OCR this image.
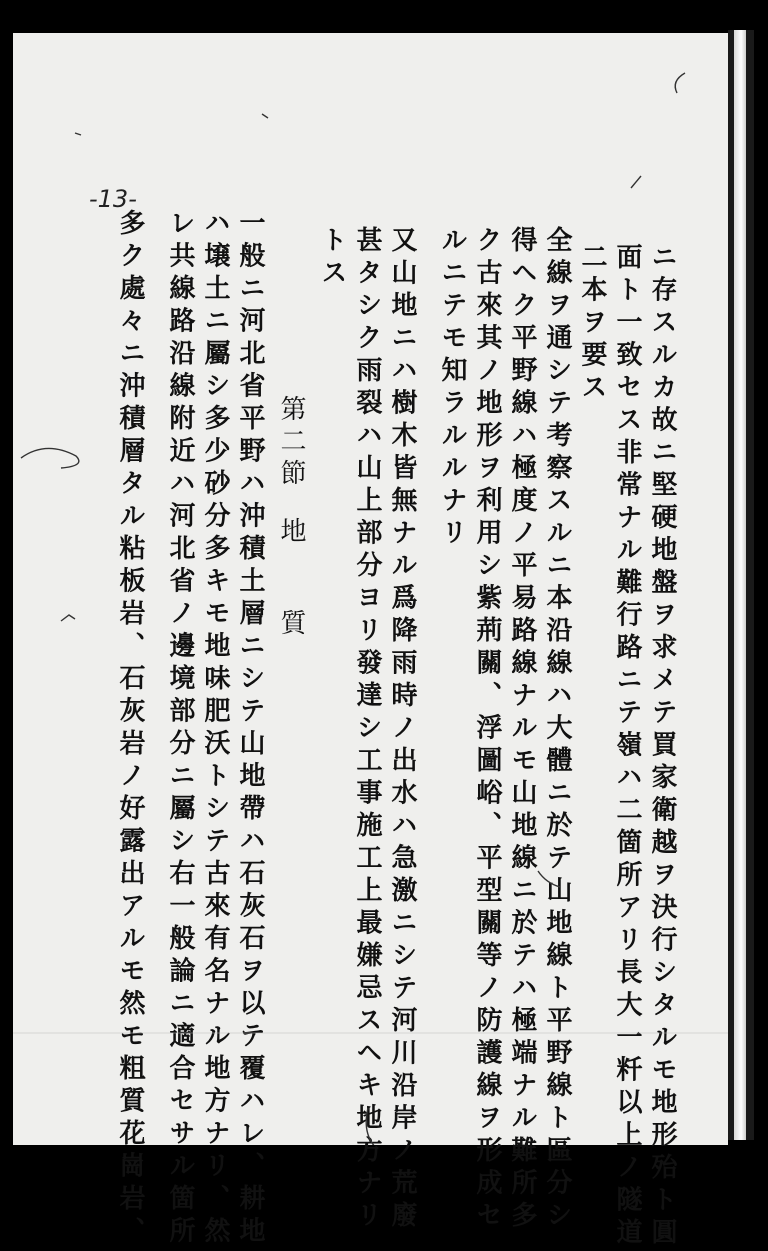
-13-
第二節地質	ニ存スルカ故ニ堅硬地盤ヲ求メテ買家衛越ヲ決行シタルモ地形殆ト圓
面ト一致セス非常ナル難行路ニテ嶺ハ二箇所アリ長大一粁以上ノ隧道
二本ヲ要ス
全線ヲ通シテ考察スルニ本沿線ハ大體ニ於テ山地線ト平野線ト區分シ
得ヘク平野線ハ極度ノ平易路線ナルモ山地線ニ於テハ極端ナル難所多
ク古來其ノ地形ヲ利用シ紫荊關、浮圖峪、平型關等ノ防護線ヲ形成セ
ルニテモ知ラルルナリ
又山地ニハ樹木皆無ナル爲降雨時ノ出水ハ急激ニシテ河川沿岸ノ荒廢
甚タシク雨裂ハ山上部分ヨリ發達シ工事施工上最嫌忌スヘキ地方ナリ
トス
一般ニ河北省平野ハ沖積土層ニシテ山地帶ハ石灰石ヲ以テ覆ハレ、耕地
ハ壌土ニ屬シ多少砂分多キモ地味肥沃トシテ古來有名ナル地方ナリ、然
レ共線路沿線附近ハ河北省ノ邊境部分ニ屬シ右一般論ニ適合セサル箇所
多ク處々ニ沖積層タル粘板岩、石灰岩ノ好露出アルモ然モ粗質花崗岩、
